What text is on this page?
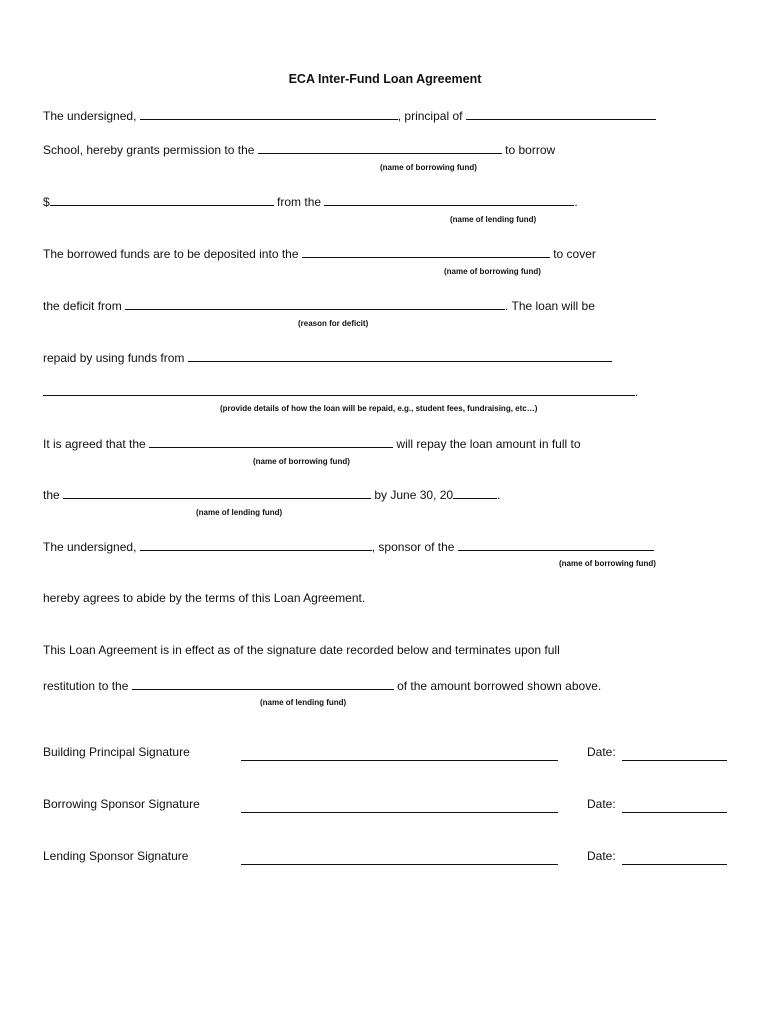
ECA Inter-Fund Loan Agreement
The undersigned,	, principal of
School, hereby grants permission to the	to borrow
(name of borrowing fund)
$	from the	.
(name of lending fund)
The borrowed funds are to be deposited into the	to cover
(name of borrowing fund)
the deficit from	. The loan will be
(reason for deficit)
repaid by using funds from
.
(provide details of how the loan will be repaid, e.g., student fees, fundraising, etc…)
It is agreed that the	will repay the loan amount in full to
(name of borrowing fund)
the	by June 30, 20	.
(name of lending fund)
The undersigned,	, sponsor of the
(name of borrowing fund)
hereby agrees to abide by the terms of this Loan Agreement.
This Loan Agreement is in effect as of the signature date recorded below and terminates upon full
restitution to the	of the amount borrowed shown above.
(name of lending fund)
Building Principal Signature	Date:
Borrowing Sponsor Signature	Date:
Lending Sponsor Signature	Date:
